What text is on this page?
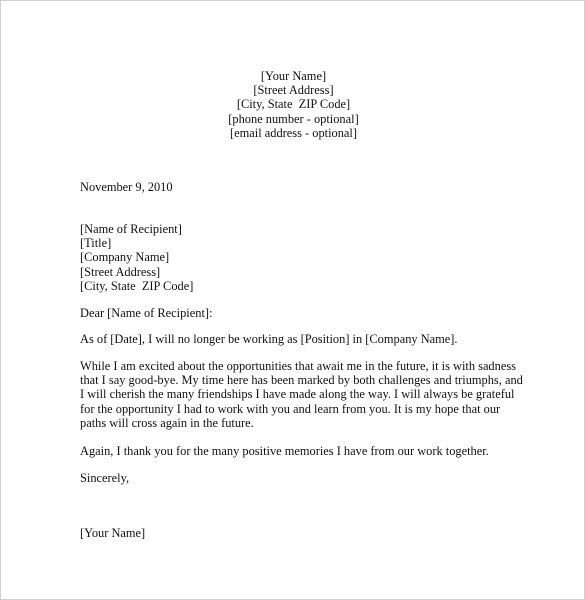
[Your Name]
[Street Address]
[City, State  ZIP Code]
[phone number - optional]
[email address - optional]
November 9, 2010
[Name of Recipient]
[Title]
[Company Name]
[Street Address]
[City, State  ZIP Code]
Dear [Name of Recipient]:
As of [Date], I will no longer be working as [Position] in [Company Name].
While I am excited about the opportunities that await me in the future, it is with sadness
that I say good-bye. My time here has been marked by both challenges and triumphs, and
I will cherish the many friendships I have made along the way. I will always be grateful
for the opportunity I had to work with you and learn from you. It is my hope that our
paths will cross again in the future.
Again, I thank you for the many positive memories I have from our work together.
Sincerely,
[Your Name]
